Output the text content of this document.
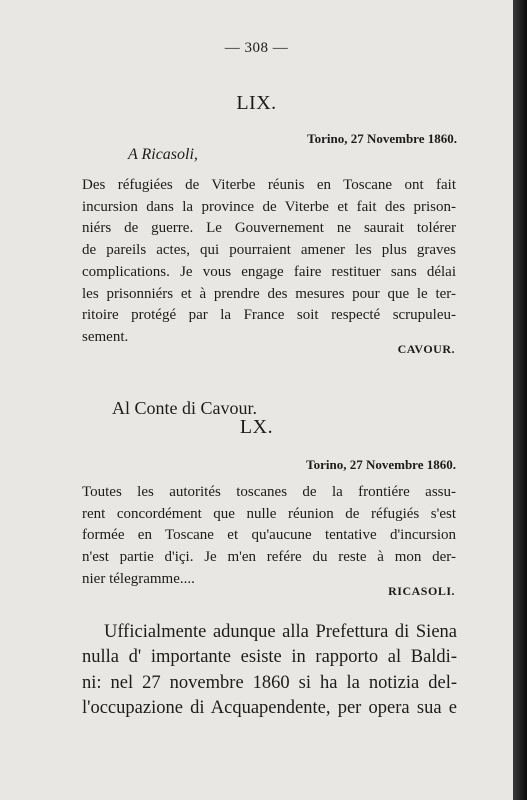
— 308 —
LIX.
Torino, 27 Novembre 1860.
A Ricasoli,
Des réfugiées de Viterbe réunis en Toscane ont fait
incursion dans la province de Viterbe et fait des prison-
niérs de guerre. Le Gouvernement ne saurait tolérer
de pareils actes, qui pourraient amener les plus graves
complications. Je vous engage faire restituer sans délai
les prisonniérs et à prendre des mesures pour que le ter-
ritoire protégé par la France soit respecté scrupuleu-
sement.
CAVOUR.
Al Conte di Cavour.
LX.
Torino, 27 Novembre 1860.
Toutes les autorités toscanes de la frontiére assu-
rent concordément que nulle réunion de réfugiés s'est
formée en Toscane et qu'aucune tentative d'incursion
n'est partie d'içi. Je m'en refére du reste à mon der-
nier télegramme....
RICASOLI.
Ufficialmente adunque alla Prefettura di Siena
nulla d' importante esiste in rapporto al Baldi-
ni: nel 27 novembre 1860 si ha la notizia del-
l'occupazione di Acquapendente, per opera sua e
